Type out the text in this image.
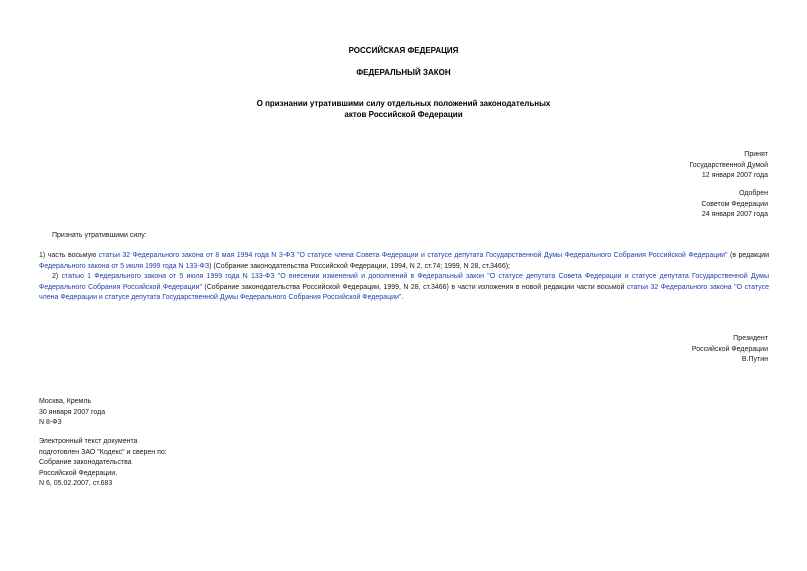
РОССИЙСКАЯ ФЕДЕРАЦИЯ
ФЕДЕРАЛЬНЫЙ ЗАКОН
О признании утратившими силу отдельных положений законодательных
актов Российской Федерации
Принят
Государственной Думой
12 января 2007 года
Одобрен
Советом Федерации
24 января 2007 года
Признать утратившими силу:
1) часть восьмую статьи 32 Федерального закона от 8 мая 1994 года N 3-ФЗ "О статусе члена Совета Федерации и статусе депутата Государственной Думы Федерального Собрания Российской Федерации" (в редакции Федерального закона от 5 июля 1999 года N 133-ФЗ) (Собрание законодательства Российской Федерации, 1994, N 2, ст.74; 1999, N 28, ст.3466);
2) статью 1 Федерального закона от 5 июля 1999 года N 133-ФЗ "О внесении изменений и дополнений в Федеральный закон "О статусе депутата Совета Федерации и статусе депутата Государственной Думы Федерального Собрания Российской Федерации" (Собрание законодательства Российской Федерации, 1999, N 28, ст.3466) в части изложения в новой редакции части восьмой статьи 32 Федерального закона "О статусе члена Федерации и статусе депутата Государственной Думы Федерального Собрания Российской Федерации".
Президент
Российской Федерации
В.Путин
Москва, Кремль
30 января 2007 года
N 8-ФЗ
Электронный текст документа
подготовлен ЗАО "Кодекс" и сверен по:
Собрание законодательства
Российской Федерации,
N 6, 05.02.2007, ст.683
